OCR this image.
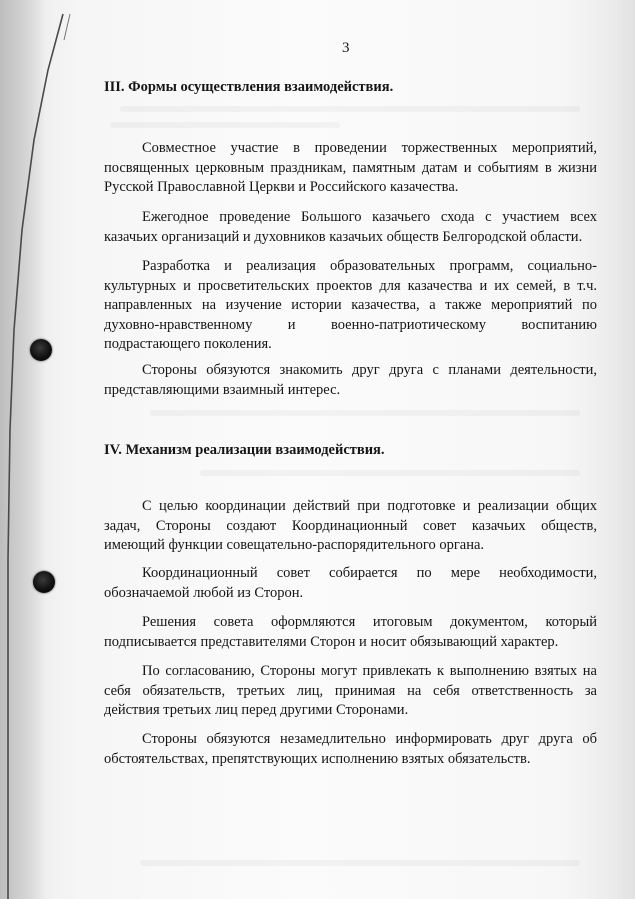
3
III. Формы осуществления взаимодействия.
Совместное участие в проведении торжественных мероприятий,
посвященных церковным праздникам, памятным датам и событиям в жизни
Русской Православной Церкви и Российского казачества.
Ежегодное проведение Большого казачьего схода с участием всех
казачьих организаций и духовников казачьих обществ Белгородской области.
Разработка и реализация образовательных программ, социально-
культурных и просветительских проектов для казачества и их семей, в т.ч.
направленных на изучение истории казачества, а также мероприятий по
духовно-нравственному и военно-патриотическому воспитанию
подрастающего поколения.
Стороны обязуются знакомить друг друга с планами деятельности,
представляющими взаимный интерес.
IV. Механизм реализации взаимодействия.
С целью координации действий при подготовке и реализации общих
задач, Стороны создают Координационный совет казачьих обществ,
имеющий функции совещательно-распорядительного органа.
Координационный совет собирается по мере необходимости,
обозначаемой любой из Сторон.
Решения совета оформляются итоговым документом, который
подписывается представителями Сторон и носит обязывающий характер.
По согласованию, Стороны могут привлекать к выполнению взятых на
себя обязательств, третьих лиц, принимая на себя ответственность за
действия третьих лиц перед другими Сторонами.
Стороны обязуются незамедлительно информировать друг друга об
обстоятельствах, препятствующих исполнению взятых обязательств.
